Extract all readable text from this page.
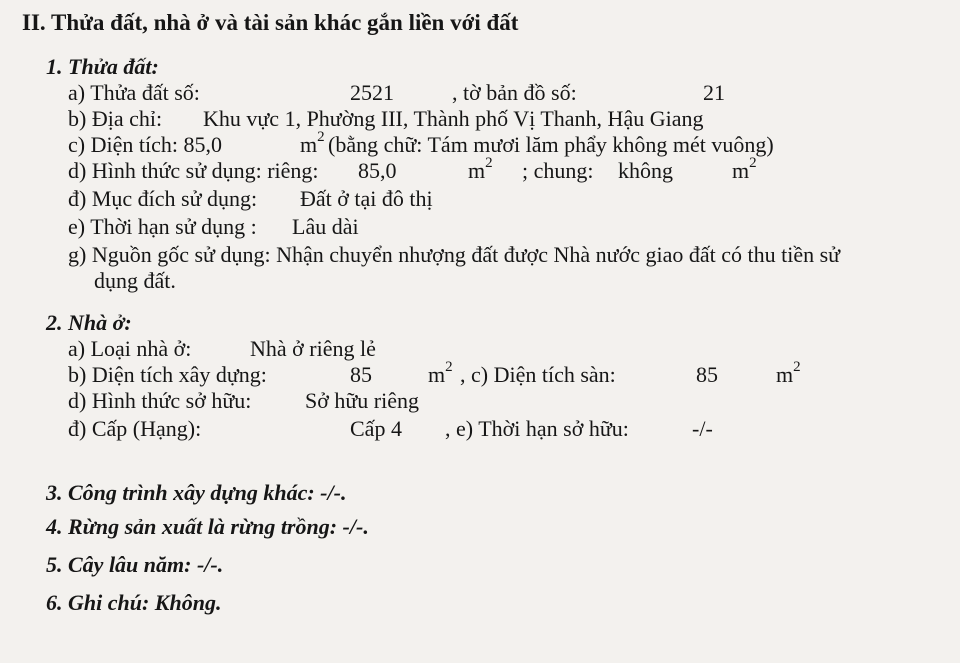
II. Thửa đất, nhà ở và tài sản khác gắn liền với đất
1. Thửa đất:
a) Thửa đất số:	2521	, tờ bản đồ số:	21
b) Địa chỉ: Khu vực 1, Phường III, Thành phố Vị Thanh, Hậu Giang
c) Diện tích: 85,0	$m^2$ (bằng chữ: Tám mươi lăm phẩy không mét vuông)
d) Hình thức sử dụng: riêng: 85,0	$m^2$ ; chung: không	$m^2$
đ) Mục đích sử dụng: Đất ở tại đô thị
e) Thời hạn sử dụng : Lâu dài
g) Nguồn gốc sử dụng: Nhận chuyển nhượng đất được Nhà nước giao đất có thu tiền sử
dụng đất.
2. Nhà ở:
a) Loại nhà ở:	Nhà ở riêng lẻ
b) Diện tích xây dựng:	85	$m^2$ , c) Diện tích sàn:	85	$m^2$
d) Hình thức sở hữu: Sở hữu riêng
đ) Cấp (Hạng):	Cấp 4 , e) Thời hạn sở hữu:	-/-
3. Công trình xây dựng khác: -/-.
4. Rừng sản xuất là rừng trồng: -/-.
5. Cây lâu năm: -/-.
6. Ghi chú: Không.
